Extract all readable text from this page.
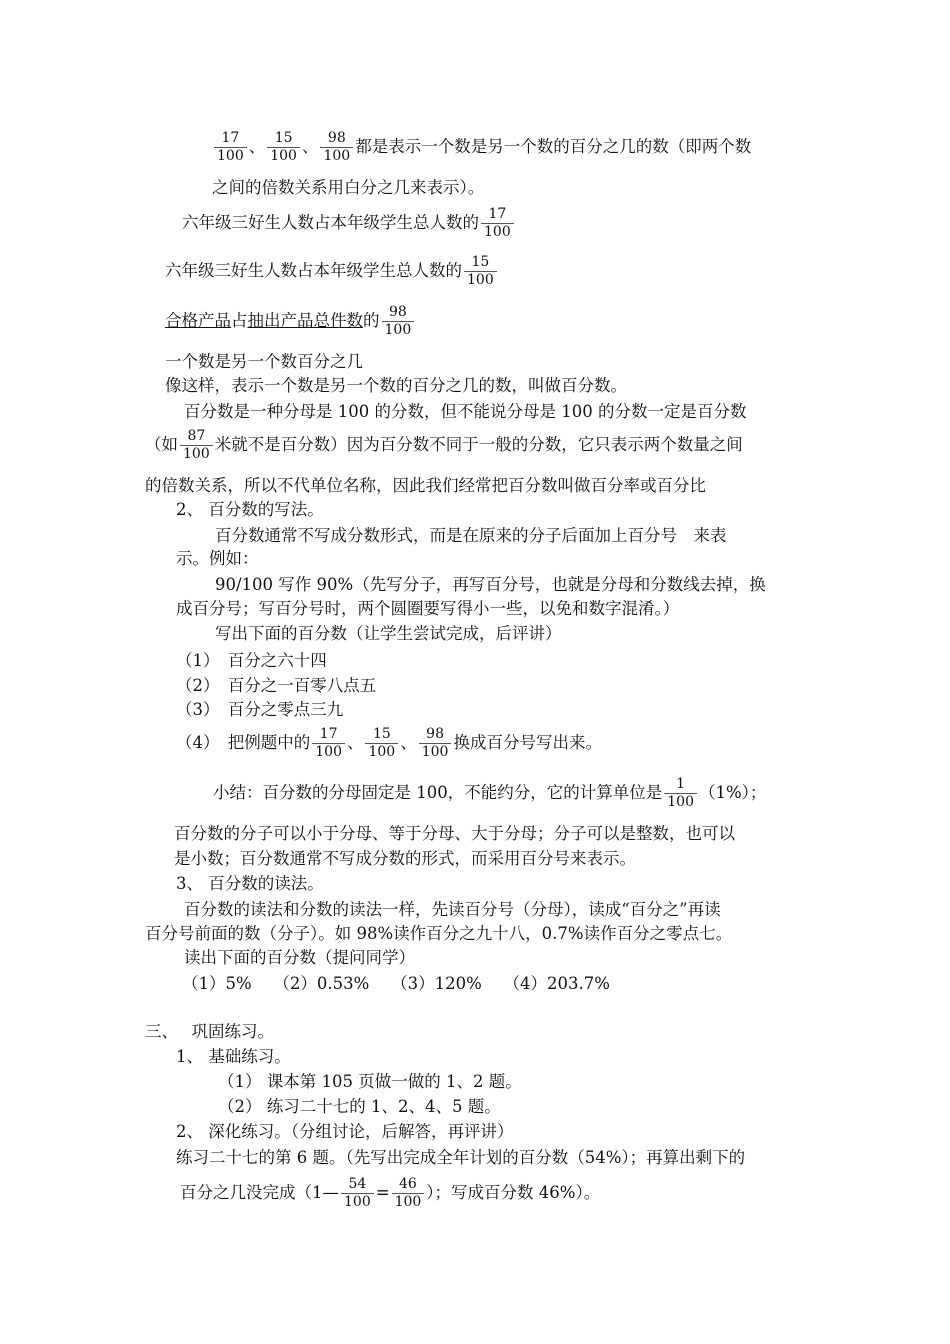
$\frac{17}{100}$ 、 $\frac{15}{100}$ 、 $\frac{98}{100}$ 都是表示一个数是另一个数的百分之几的数（即两个数
之间的倍数关系用白分之几来表示）。
六年级三好生人数占本年级学生总人数的 $\frac{17}{100}$
六年级三好生人数占本年级学生总人数的 $\frac{15}{100}$
合格产品占抽出产品总件数的 $\frac{98}{100}$
一个数是另一个数百分之几
像这样，表示一个数是另一个数的百分之几的数，叫做百分数。
百分数是一种分母是 100 的分数，但不能说分母是 100 的分数一定是百分数
（如 $\frac{87}{100}$ 米就不是百分数）因为百分数不同于一般的分数，它只表示两个数量之间
的倍数关系，所以不代单位名称，因此我们经常把百分数叫做百分率或百分比
2、 百分数的写法。
百分数通常不写成分数形式，而是在原来的分子后面加上百分号　来表
示。例如：
90/100 写作 90%（先写分子，再写百分号，也就是分母和分数线去掉，换
成百分号；写百分号时，两个圆圈要写得小一些，以免和数字混淆。）
写出下面的百分数（让学生尝试完成，后评讲）
（1）　百分之六十四
（2）　百分之一百零八点五
（3）　百分之零点三九
（4）　把例题中的 $\frac{17}{100}$ 、 $\frac{15}{100}$ 、 $\frac{98}{100}$ 换成百分号写出来。
小结：百分数的分母固定是 100，不能约分，它的计算单位是 $\frac{1}{100} (1\%)$；
百分数的分子可以小于分母、等于分母、大于分母；分子可以是整数，也可以
是小数；百分数通常不写成分数的形式，而采用百分号来表示。
3、 百分数的读法。
百分数的读法和分数的读法一样，先读百分号（分母），读成“百分之”再读
百分号前面的数（分子）。如 98%读作百分之九十八，0.7%读作百分之零点七。
读出下面的百分数（提问同学）
（1）5%　 （2）0.53%　 （3）120%　 （4）203.7%
三、　 巩固练习。
1、 基础练习。
（1） 课本第 105 页做一做的 1、2 题。
（2） 练习二十七的 1、2、4、5 题。
2、 深化练习。（分组讨论，后解答，再评讲）
练习二十七的第 6 题。（先写出完成全年计划的百分数（54%）；再算出剩下的
百分之几没完成（1— $\frac{54}{100} = \frac{46}{100}$ ）；写成百分数 46%）。
